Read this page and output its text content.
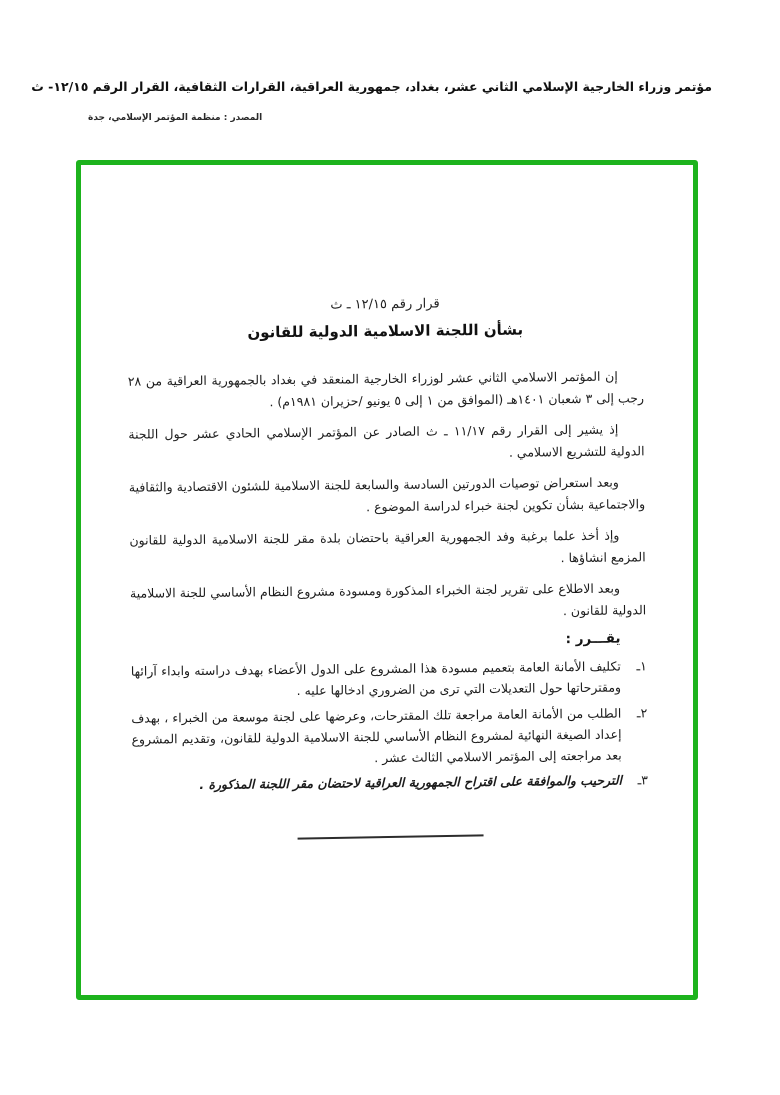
مؤتمر وزراء الخارجية الإسلامي الثاني عشر، بغداد، جمهورية العراقية، القرارات الثقافية، القرار الرقم ١٢/١٥- ث
المصدر : منظمة المؤتمر الإسلامي، جدة
قرار رقم ١٢/١٥ ـ ث
بشأن اللجنة الاسلامية الدولية للقانون

إن المؤتمر الاسلامي الثاني عشر لوزراء الخارجية المنعقد في بغداد بالجمهورية العراقية من ٢٨ رجب إلى ٣ شعبان ١٤٠١هـ (الموافق من ١ إلى ٥ يونيو /حزيران ١٩٨١م) .

إذ يشير إلى القرار رقم ١١/١٧ ـ ث الصادر عن المؤتمر الإسلامي الحادي عشر حول اللجنة الدولية للتشريع الاسلامي .

وبعد استعراض توصيات الدورتين السادسة والسابعة للجنة الاسلامية للشئون الاقتصادية والثقافية والاجتماعية بشأن تكوين لجنة خبراء لدراسة الموضوع .

وإذ أخذ علما برغبة وفد الجمهورية العراقية باحتضان بلدة مقر للجنة الاسلامية الدولية للقانون المزمع انشاؤها .

وبعد الاطلاع على تقرير لجنة الخبراء المذكورة ومسودة مشروع النظام الأساسي للجنة الاسلامية الدولية للقانون .

يقـــرر :
١ـ
تكليف الأمانة العامة بتعميم مسودة هذا المشروع على الدول الأعضاء بهدف دراسته وابداء آرائها ومقترحاتها حول التعديلات التي ترى من الضروري ادخالها عليه .
٢ـ
الطلب من الأمانة العامة مراجعة تلك المقترحات، وعرضها على لجنة موسعة من الخبراء ، بهدف إعداد الصيغة النهائية لمشروع النظام الأساسي للجنة الاسلامية الدولية للقانون، وتقديم المشروع بعد مراجعته إلى المؤتمر الاسلامي الثالث عشر .
٣ـ
الترحيب والموافقة على اقتراح الجمهورية العراقية لاحتضان مقر اللجنة المذكورة .
